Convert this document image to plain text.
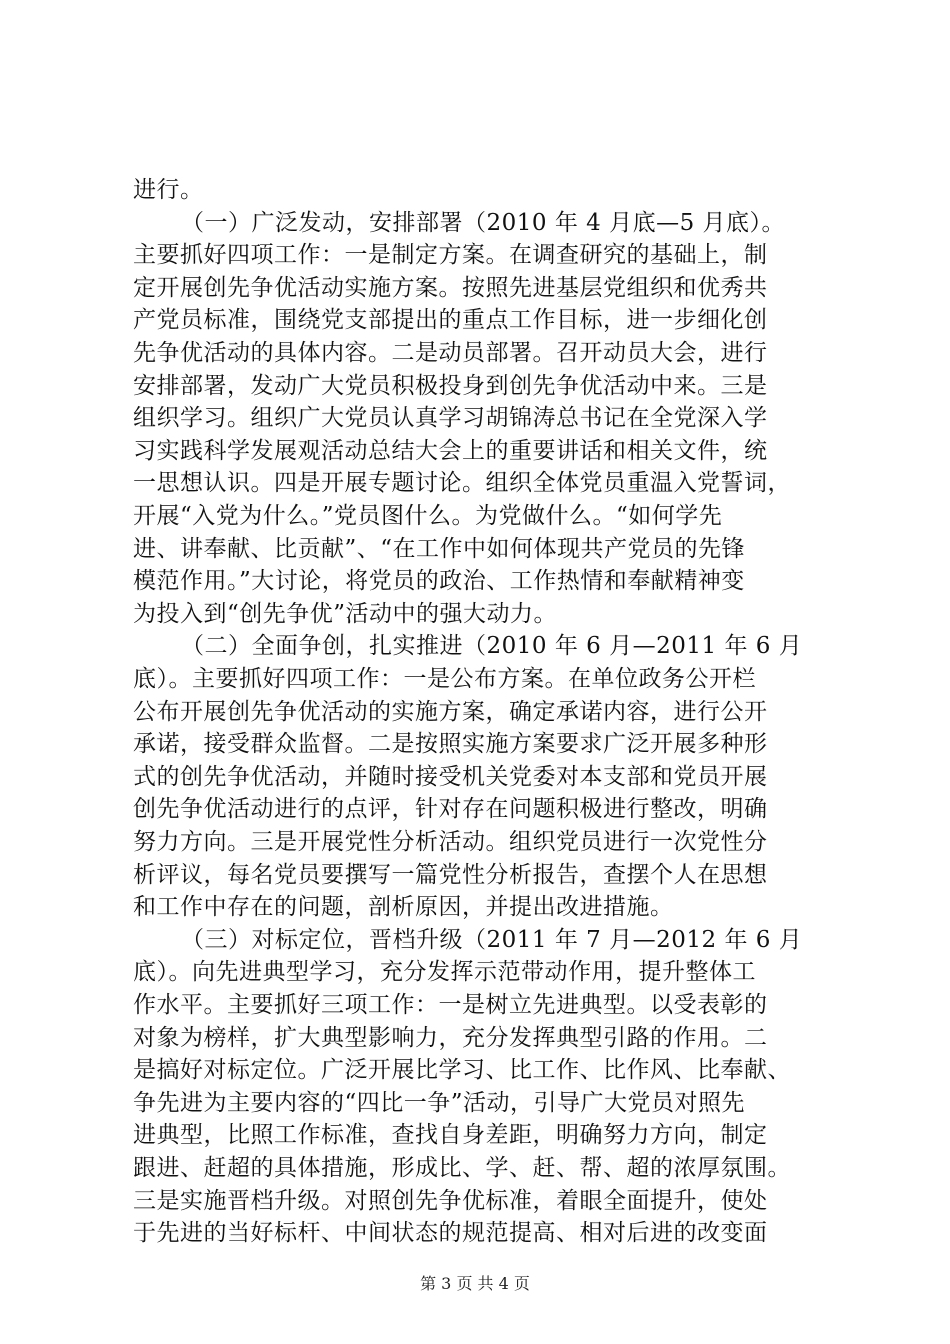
进行。
（一）广泛发动，安排部署（2010 年 4 月底—5 月底）。
主要抓好四项工作：一是制定方案。在调查研究的基础上，制
定开展创先争优活动实施方案。按照先进基层党组织和优秀共
产党员标准，围绕党支部提出的重点工作目标，进一步细化创
先争优活动的具体内容。二是动员部署。召开动员大会，进行
安排部署，发动广大党员积极投身到创先争优活动中来。三是
组织学习。组织广大党员认真学习胡锦涛总书记在全党深入学
习实践科学发展观活动总结大会上的重要讲话和相关文件，统
一思想认识。四是开展专题讨论。组织全体党员重温入党誓词，
开展“入党为什么。”党员图什么。为党做什么。“如何学先
进、讲奉献、比贡献”、“在工作中如何体现共产党员的先锋
模范作用。”大讨论，将党员的政治、工作热情和奉献精神变
为投入到“创先争优”活动中的强大动力。
（二）全面争创，扎实推进（2010 年 6 月—2011 年 6 月
底）。主要抓好四项工作：一是公布方案。在单位政务公开栏
公布开展创先争优活动的实施方案，确定承诺内容，进行公开
承诺，接受群众监督。二是按照实施方案要求广泛开展多种形
式的创先争优活动，并随时接受机关党委对本支部和党员开展
创先争优活动进行的点评，针对存在问题积极进行整改，明确
努力方向。三是开展党性分析活动。组织党员进行一次党性分
析评议，每名党员要撰写一篇党性分析报告，查摆个人在思想
和工作中存在的问题，剖析原因，并提出改进措施。
（三）对标定位，晋档升级（2011 年 7 月—2012 年 6 月
底）。向先进典型学习，充分发挥示范带动作用，提升整体工
作水平。主要抓好三项工作：一是树立先进典型。以受表彰的
对象为榜样，扩大典型影响力，充分发挥典型引路的作用。二
是搞好对标定位。广泛开展比学习、比工作、比作风、比奉献、
争先进为主要内容的“四比一争”活动，引导广大党员对照先
进典型，比照工作标准，查找自身差距，明确努力方向，制定
跟进、赶超的具体措施，形成比、学、赶、帮、超的浓厚氛围。
三是实施晋档升级。对照创先争优标准，着眼全面提升，使处
于先进的当好标杆、中间状态的规范提高、相对后进的改变面
第 3 页 共 4 页
